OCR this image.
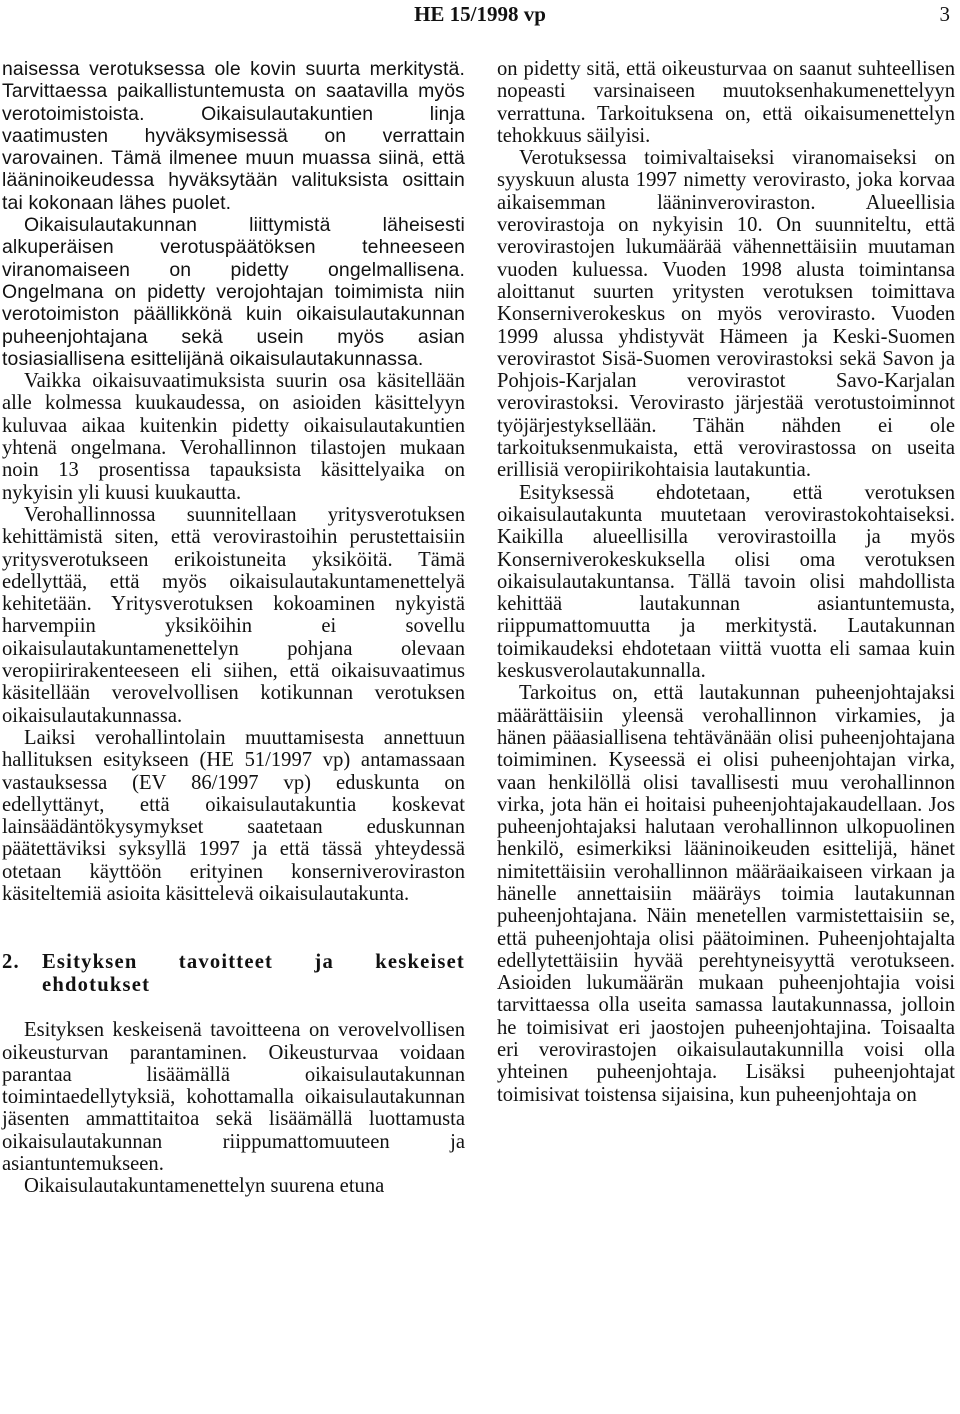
HE 15/1998 vp	3

naisessa verotuksessa ole kovin suurta merkitystä. Tarvittaessa paikallistuntemusta on saatavilla myös verotoimistoista. Oikaisulautakuntien linja vaatimusten hyväksymisessä on verrattain varovainen. Tämä ilmenee muun muassa siinä, että lääninoikeudessa hyväksytään valituksista osittain tai kokonaan lähes puolet.

Oikaisulautakunnan liittymistä läheisesti alkuperäisen verotuspäätöksen tehneeseen viranomaiseen on pidetty ongelmallisena. Ongelmana on pidetty verojohtajan toimimista niin verotoimiston päällikkönä kuin oikaisulautakunnan puheenjohtajana sekä usein myös asian tosiasiallisena esittelijänä oikaisulautakunnassa.

Vaikka oikaisuvaatimuksista suurin osa käsitellään alle kolmessa kuukaudessa, on asioiden käsittelyyn kuluvaa aikaa kuitenkin pidetty oikaisulautakuntien yhtenä ongelmana. Verohallinnon tilastojen mukaan noin 13 prosentissa tapauksista käsittelyaika on nykyisin yli kuusi kuukautta.

Verohallinnossa suunnitellaan yritysverotuksen kehittämistä siten, että verovirastoihin perustettaisiin yritysverotukseen erikoistuneita yksiköitä. Tämä edellyttää, että myös oikaisulautakuntamenettelyä kehitetään. Yritysverotuksen kokoaminen nykyistä harvempiin yksiköihin ei sovellu oikaisulautakuntamenettelyn pohjana olevaan veropiirirakenteeseen eli siihen, että oikaisuvaatimus käsitellään verovelvollisen kotikunnan verotuksen oikaisulautakunnassa.

Laiksi verohallintolain muuttamisesta annettuun hallituksen esitykseen (HE 51/1997 vp) antamassaan vastauksessa (EV 86/1997 vp) eduskunta on edellyttänyt, että oikaisulautakuntia koskevat lainsäädäntökysymykset saatetaan eduskunnan päätettäviksi syksyllä 1997 ja että tässä yhteydessä otetaan käyttöön erityinen konserniveroviraston käsiteltemiä asioita käsittelevä oikaisulautakunta.

2.	Esityksen tavoitteet ja keskeiset ehdotukset

Esityksen keskeisenä tavoitteena on verovelvollisen oikeusturvan parantaminen. Oikeusturvaa voidaan parantaa lisäämällä oikaisulautakunnan toimintaedellytyksiä, kohottamalla oikaisulautakunnan jäsenten ammattitaitoa sekä lisäämällä luottamusta oikaisulautakunnan riippumattomuuteen ja asiantuntemukseen.

Oikaisulautakuntamenettelyn suurena etuna

on pidetty sitä, että oikeusturvaa on saanut suhteellisen nopeasti varsinaiseen muutoksenhakumenettelyyn verrattuna. Tarkoituksena on, että oikaisumenettelyn tehokkuus säilyisi.

Verotuksessa toimivaltaiseksi viranomaiseksi on syyskuun alusta 1997 nimetty verovirasto, joka korvaa aikaisemman lääninveroviraston. Alueellisia verovirastoja on nykyisin 10. On suunniteltu, että verovirastojen lukumäärää vähennettäisiin muutaman vuoden kuluessa. Vuoden 1998 alusta toimintansa aloittanut suurten yritysten verotuksen toimittava Konserniverokeskus on myös verovirasto. Vuoden 1999 alussa yhdistyvät Hämeen ja Keski-Suomen verovirastot Sisä-Suomen verovirastoksi sekä Savon ja Pohjois-Karjalan verovirastot Savo-Karjalan verovirastoksi. Verovirasto järjestää verotustoiminnot työjärjestyksellään. Tähän nähden ei ole tarkoituksenmukaista, että verovirastossa on useita erillisiä veropiirikohtaisia lautakuntia.

Esityksessä ehdotetaan, että verotuksen oikaisulautakunta muutetaan verovirastokohtaiseksi. Kaikilla alueellisilla verovirastoilla ja myös Konserniverokeskuksella olisi oma verotuksen oikaisulautakuntansa. Tällä tavoin olisi mahdollista kehittää lautakunnan asiantuntemusta, riippumattomuutta ja merkitystä. Lautakunnan toimikaudeksi ehdotetaan viittä vuotta eli samaa kuin keskusverolautakunnalla.

Tarkoitus on, että lautakunnan puheenjohtajaksi määrättäisiin yleensä verohallinnon virkamies, ja hänen pääasiallisena tehtävänään olisi puheenjohtajana toimiminen. Kyseessä ei olisi puheenjohtajan virka, vaan henkilöllä olisi tavallisesti muu verohallinnon virka, jota hän ei hoitaisi puheenjohtajakaudellaan. Jos puheenjohtajaksi halutaan verohallinnon ulkopuolinen henkilö, esimerkiksi lääninoikeuden esittelijä, hänet nimitettäisiin verohallinnon määräaikaiseen virkaan ja hänelle annettaisiin määräys toimia lautakunnan puheenjohtajana. Näin menetellen varmistettaisiin se, että puheenjohtaja olisi päätoiminen. Puheenjohtajalta edellytettäisiin hyvää perehtyneisyyttä verotukseen. Asioiden lukumäärän mukaan puheenjohtajia voisi tarvittaessa olla useita samassa lautakunnassa, jolloin he toimisivat eri jaostojen puheenjohtajina. Toisaalta eri verovirastojen oikaisulautakunnilla voisi olla yhteinen puheenjohtaja. Lisäksi puheenjohtajat toimisivat toistensa sijaisina, kun puheenjohtaja on
